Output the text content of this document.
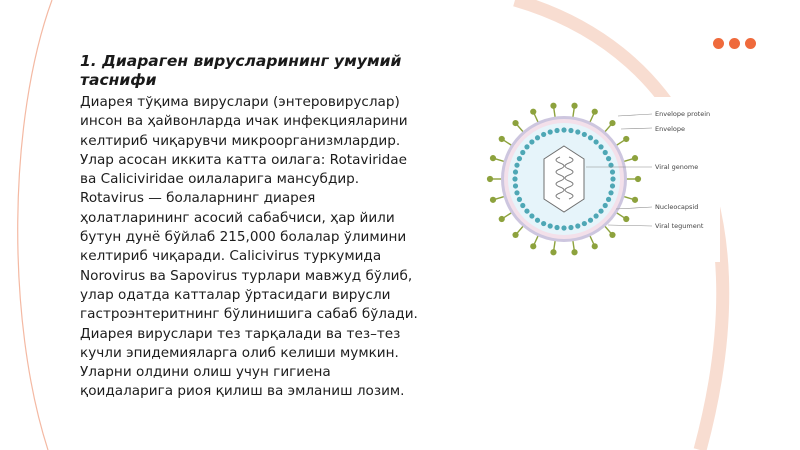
1. Диараген вирусларининг умумий таснифи

Диарея тўқима вируслари (энтеровируслар) инсон ва ҳайвонларда ичак инфекцияларини келтириб чиқарувчи микроорганизмлардир. Улар асосан иккита катта оилага: Rotaviridae ва Caliciviridae оилаларига мансубдир. Rotavirus — болаларнинг диарея ҳолатларининг асосий сабабчиси, ҳар йили бутун дунё бўйлаб 215,000 болалар ўлимини келтириб чиқаради. Calicivirus туркумида Norovirus ва Sapovirus турлари мавжуд бўлиб, улар одатда катталар ўртасидаги вирусли гастроэнтеритнинг бўлинишига сабаб бўлади. Диарея вируслари тез тарқалади ва тез–тез кучли эпидемияларга олиб келиши мумкин. Уларни олдини олиш учун гигиена қоидаларига риоя қилиш ва эмланиш лозим.

Envelope protein
Envelope
Viral genome
Nucleocapsid
Viral tegument
